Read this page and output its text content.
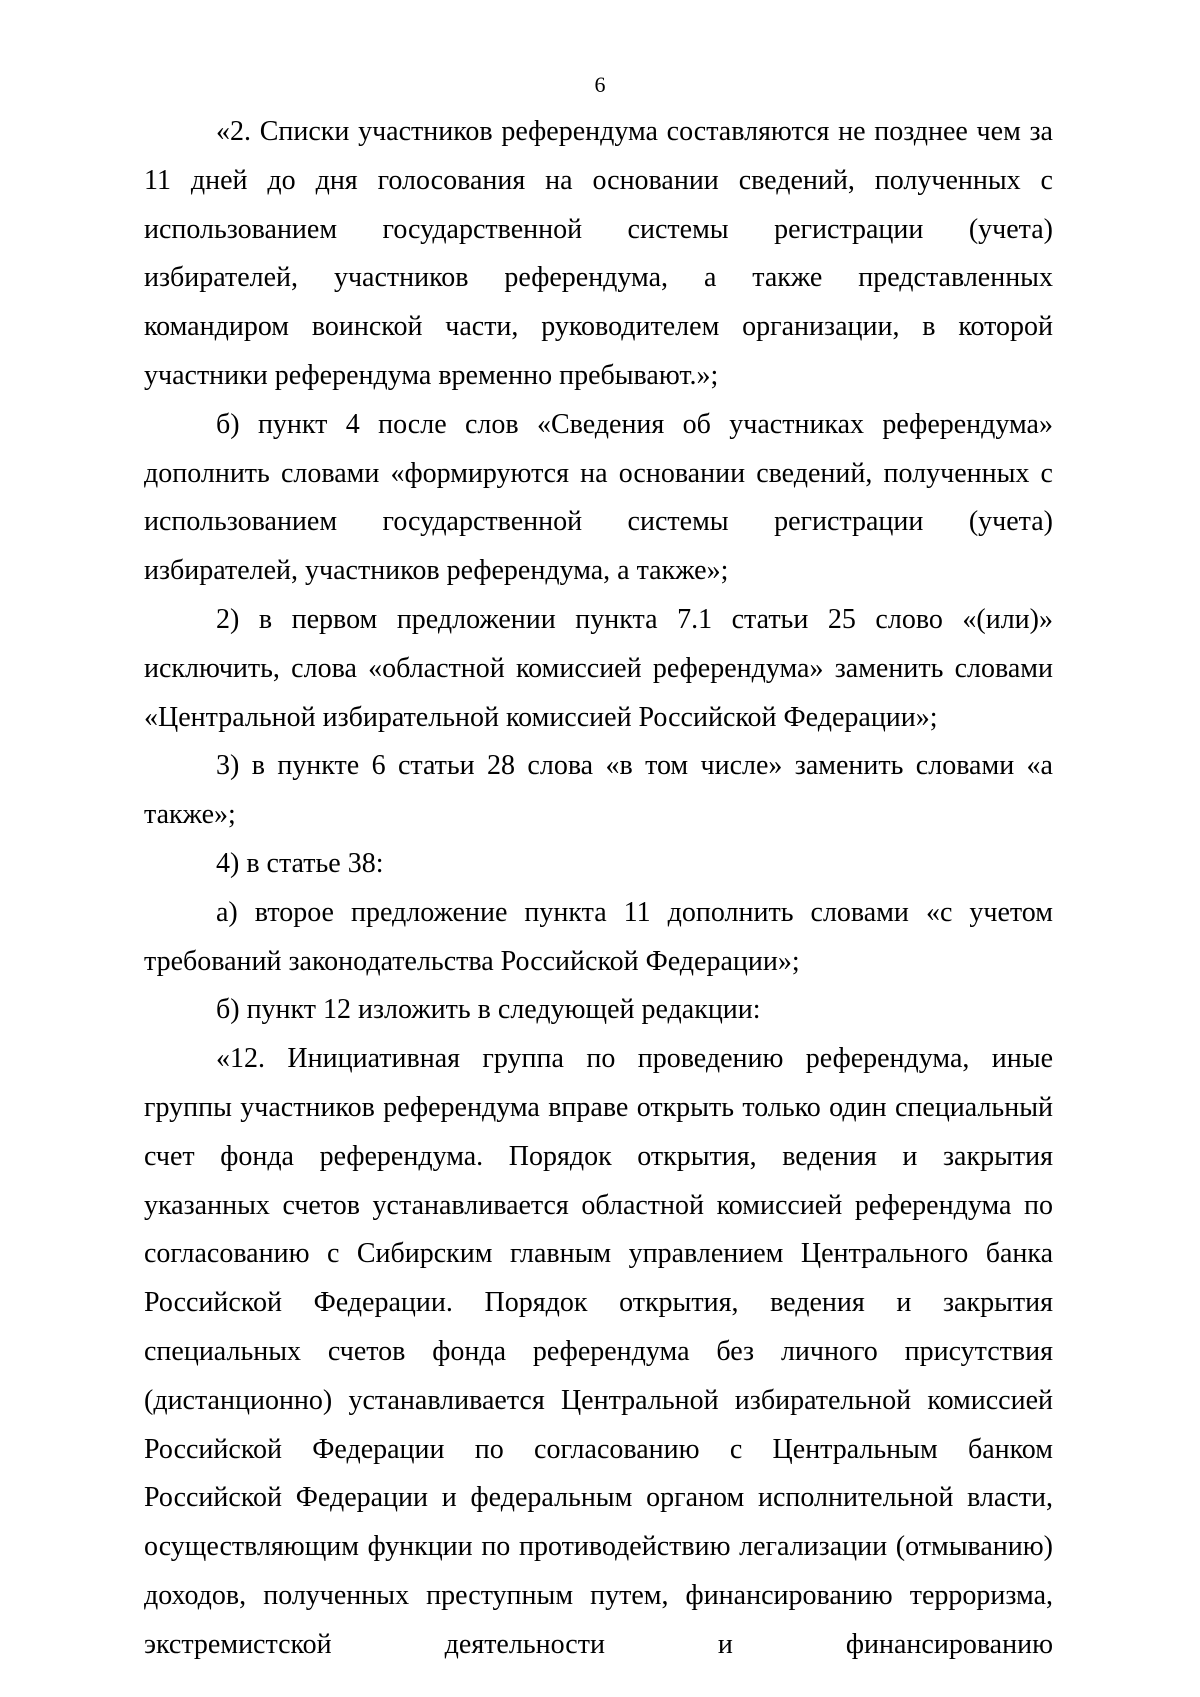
6

«2. Списки участников референдума составляются не позднее чем за 11 дней до дня голосования на основании сведений, полученных с использованием государственной системы регистрации (учета) избирателей, участников референдума, а также представленных командиром воинской части, руководителем организации, в которой участники референдума временно пребывают.»;

б) пункт 4 после слов «Сведения об участниках референдума» дополнить словами «формируются на основании сведений, полученных с использованием государственной системы регистрации (учета) избирателей, участников референдума, а также»;

2) в первом предложении пункта 7.1 статьи 25 слово «(или)» исключить, слова «областной комиссией референдума» заменить словами «Центральной избирательной комиссией Российской Федерации»;

3) в пункте 6 статьи 28 слова «в том числе» заменить словами «а также»;

4) в статье 38:

а) второе предложение пункта 11 дополнить словами «с учетом требований законодательства Российской Федерации»;

б) пункт 12 изложить в следующей редакции:

«12. Инициативная группа по проведению референдума, иные группы участников референдума вправе открыть только один специальный счет фонда референдума. Порядок открытия, ведения и закрытия указанных счетов устанавливается областной комиссией референдума по согласованию с Сибирским главным управлением Центрального банка Российской Федерации. Порядок открытия, ведения и закрытия специальных счетов фонда референдума без личного присутствия (дистанционно) устанавливается Центральной избирательной комиссией Российской Федерации по согласованию с Центральным банком Российской Федерации и федеральным органом исполнительной власти, осуществляющим функции по противодействию легализации (отмыванию) доходов, полученных преступным путем, финансированию терроризма, экстремистской деятельности и финансированию
